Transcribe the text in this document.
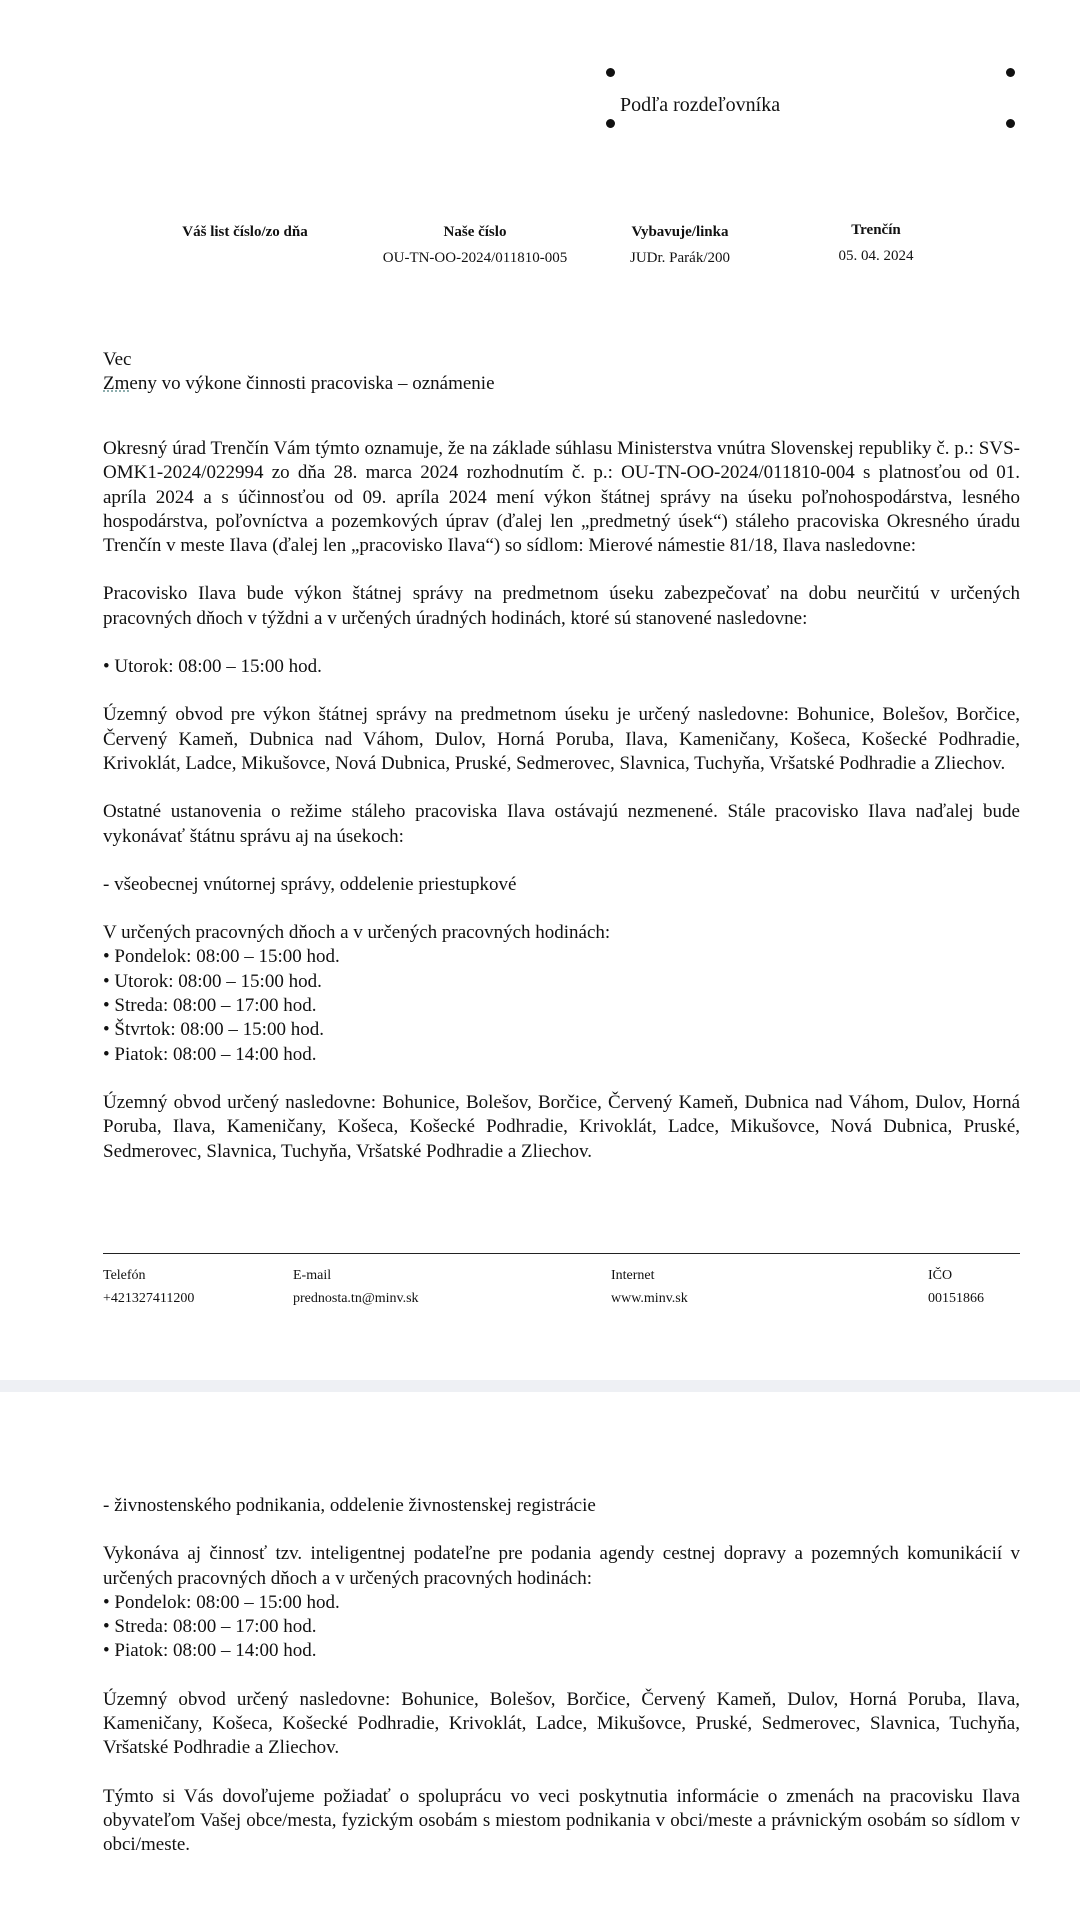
Podľa rozdeľovníka
Váš list číslo/zo dňa	Naše číslo
OU-TN-OO-2024/011810-005
Vybavuje/linka
JUDr. Parák/200
Trenčín
05. 04. 2024

Vec

Zmeny vo výkone činnosti pracoviska – oznámenie

Okresný úrad Trenčín Vám týmto oznamuje, že na základe súhlasu Ministerstva vnútra Slovenskej republiky č. p.: SVS-OMK1-2024/022994 zo dňa 28. marca 2024 rozhodnutím č. p.: OU-TN-OO-2024/011810-004 s platnosťou od 01. apríla 2024 a s účinnosťou od 09. apríla 2024 mení výkon štátnej správy na úseku poľnohospodárstva, lesného hospodárstva, poľovníctva a pozemkových úprav (ďalej len „predmetný úsek“) stáleho pracoviska Okresného úradu Trenčín v meste Ilava (ďalej len „pracovisko Ilava“) so sídlom: Mierové námestie 81/18, Ilava nasledovne:

Pracovisko Ilava bude výkon štátnej správy na predmetnom úseku zabezpečovať na dobu neurčitú v určených pracovných dňoch v týždni a v určených úradných hodinách, ktoré sú stanovené nasledovne:

• Utorok: 08:00 – 15:00 hod.

Územný obvod pre výkon štátnej správy na predmetnom úseku je určený nasledovne: Bohunice, Bolešov, Borčice, Červený Kameň, Dubnica nad Váhom, Dulov, Horná Poruba, Ilava, Kameničany, Košeca, Košecké Podhradie, Krivoklát, Ladce, Mikušovce, Nová Dubnica, Pruské, Sedmerovec, Slavnica, Tuchyňa, Vršatské Podhradie a Zliechov.

Ostatné ustanovenia o režime stáleho pracoviska Ilava ostávajú nezmenené. Stále pracovisko Ilava naďalej bude vykonávať štátnu správu aj na úsekoch:

- všeobecnej vnútornej správy, oddelenie priestupkové

V určených pracovných dňoch a v určených pracovných hodinách:

• Pondelok: 08:00 – 15:00 hod.

• Utorok: 08:00 – 15:00 hod.

• Streda: 08:00 – 17:00 hod.

• Štvrtok: 08:00 – 15:00 hod.

• Piatok: 08:00 – 14:00 hod.

Územný obvod určený nasledovne: Bohunice, Bolešov, Borčice, Červený Kameň, Dubnica nad Váhom, Dulov, Horná Poruba, Ilava, Kameničany, Košeca, Košecké Podhradie, Krivoklát, Ladce, Mikušovce, Nová Dubnica, Pruské, Sedmerovec, Slavnica, Tuchyňa, Vršatské Podhradie a Zliechov.

Telefón
+421327411200
E-mail
prednosta.tn@minv.sk
Internet
www.minv.sk
IČO
00151866

- živnostenského podnikania, oddelenie živnostenskej registrácie

Vykonáva aj činnosť tzv. inteligentnej podateľne pre podania agendy cestnej dopravy a pozemných komunikácií v určených pracovných dňoch a v určených pracovných hodinách:

• Pondelok: 08:00 – 15:00 hod.

• Streda: 08:00 – 17:00 hod.

• Piatok: 08:00 – 14:00 hod.

Územný obvod určený nasledovne: Bohunice, Bolešov, Borčice, Červený Kameň, Dulov, Horná Poruba, Ilava, Kameničany, Košeca, Košecké Podhradie, Krivoklát, Ladce, Mikušovce, Pruské, Sedmerovec, Slavnica, Tuchyňa, Vršatské Podhradie a Zliechov.

Týmto si Vás dovoľujeme požiadať o spoluprácu vo veci poskytnutia informácie o zmenách na pracovisku Ilava obyvateľom Vašej obce/mesta, fyzickým osobám s miestom podnikania v obci/meste a právnickým osobám so sídlom v obci/meste.
